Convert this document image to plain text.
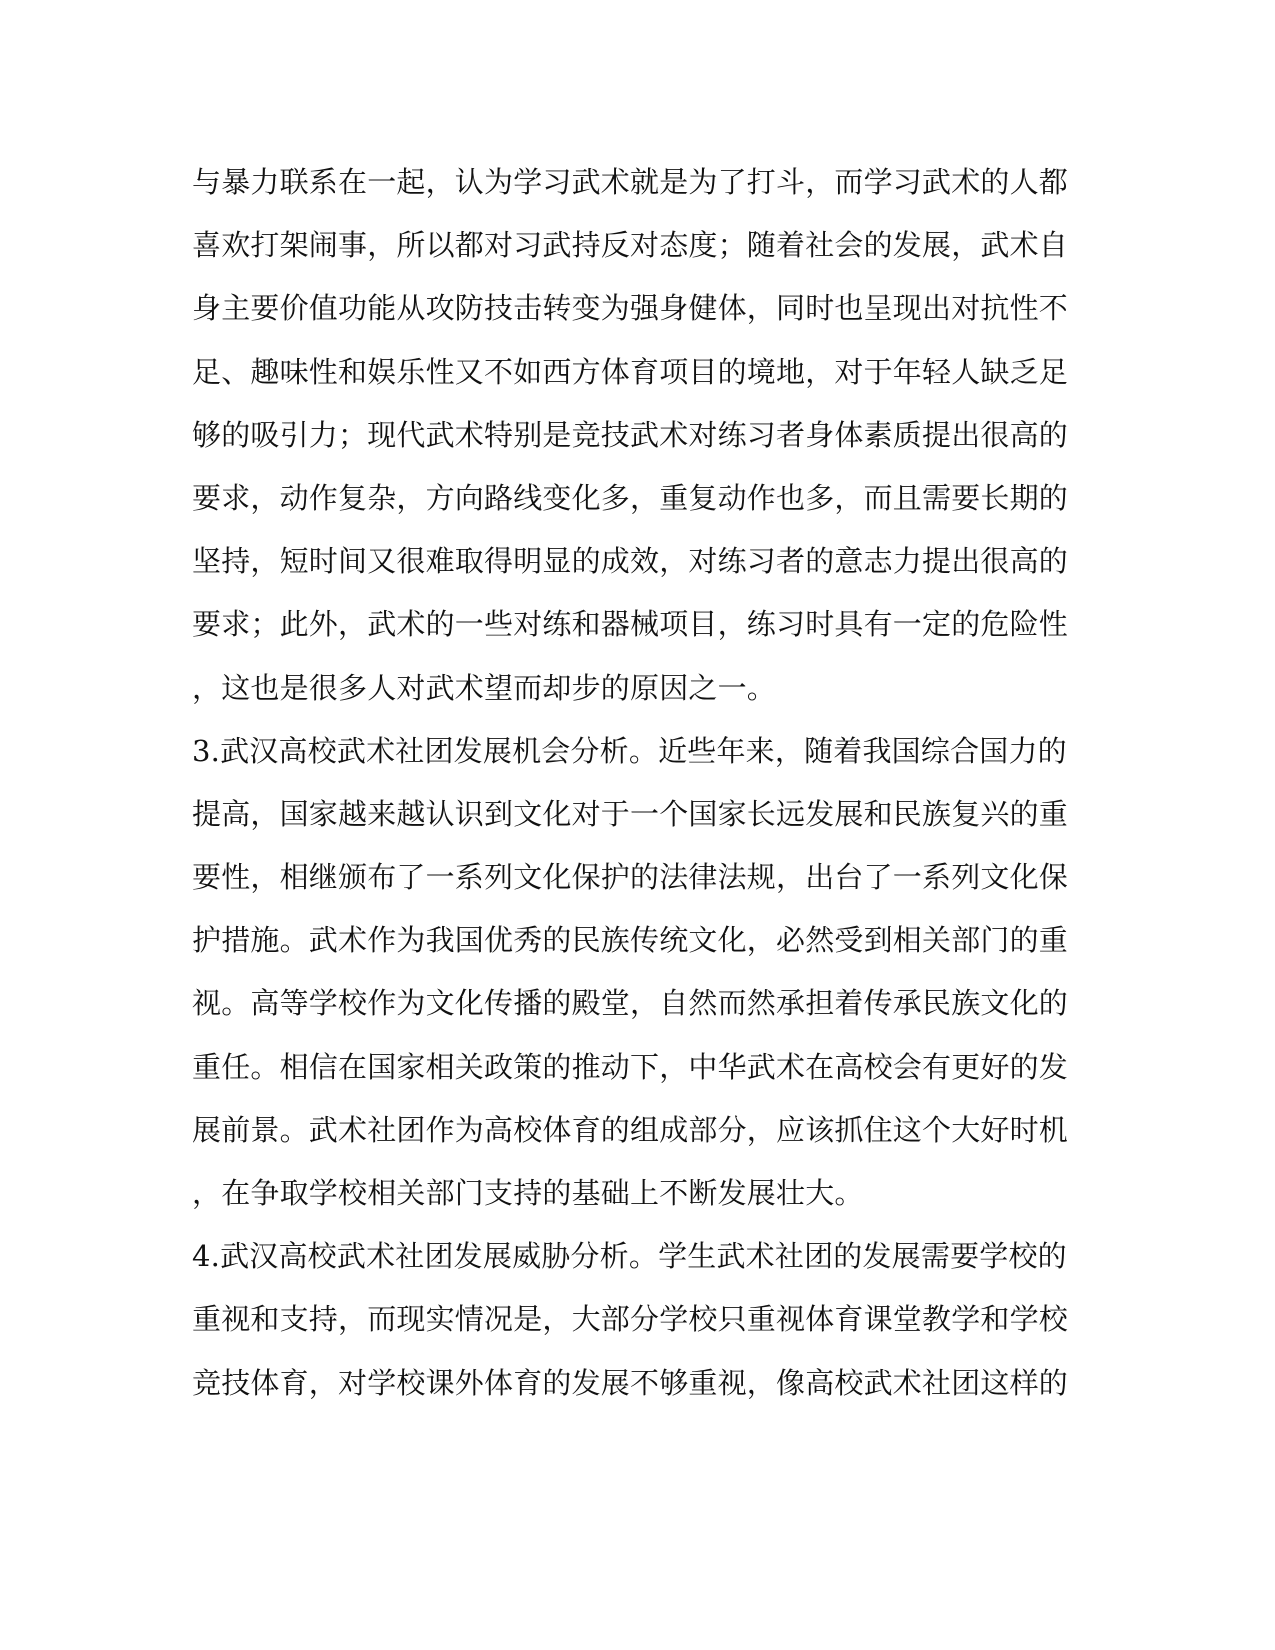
与暴力联系在一起，认为学习武术就是为了打斗，而学习武术的人都
喜欢打架闹事，所以都对习武持反对态度；随着社会的发展，武术自
身主要价值功能从攻防技击转变为强身健体，同时也呈现出对抗性不
足、趣味性和娱乐性又不如西方体育项目的境地，对于年轻人缺乏足
够的吸引力；现代武术特别是竞技武术对练习者身体素质提出很高的
要求，动作复杂，方向路线变化多，重复动作也多，而且需要长期的
坚持，短时间又很难取得明显的成效，对练习者的意志力提出很高的
要求；此外，武术的一些对练和器械项目，练习时具有一定的危险性
，这也是很多人对武术望而却步的原因之一。
3.武汉高校武术社团发展机会分析。近些年来，随着我国综合国力的
提高，国家越来越认识到文化对于一个国家长远发展和民族复兴的重
要性，相继颁布了一系列文化保护的法律法规，出台了一系列文化保
护措施。武术作为我国优秀的民族传统文化，必然受到相关部门的重
视。高等学校作为文化传播的殿堂，自然而然承担着传承民族文化的
重任。相信在国家相关政策的推动下，中华武术在高校会有更好的发
展前景。武术社团作为高校体育的组成部分，应该抓住这个大好时机
，在争取学校相关部门支持的基础上不断发展壮大。
4.武汉高校武术社团发展威胁分析。学生武术社团的发展需要学校的
重视和支持，而现实情况是，大部分学校只重视体育课堂教学和学校
竞技体育，对学校课外体育的发展不够重视，像高校武术社团这样的
